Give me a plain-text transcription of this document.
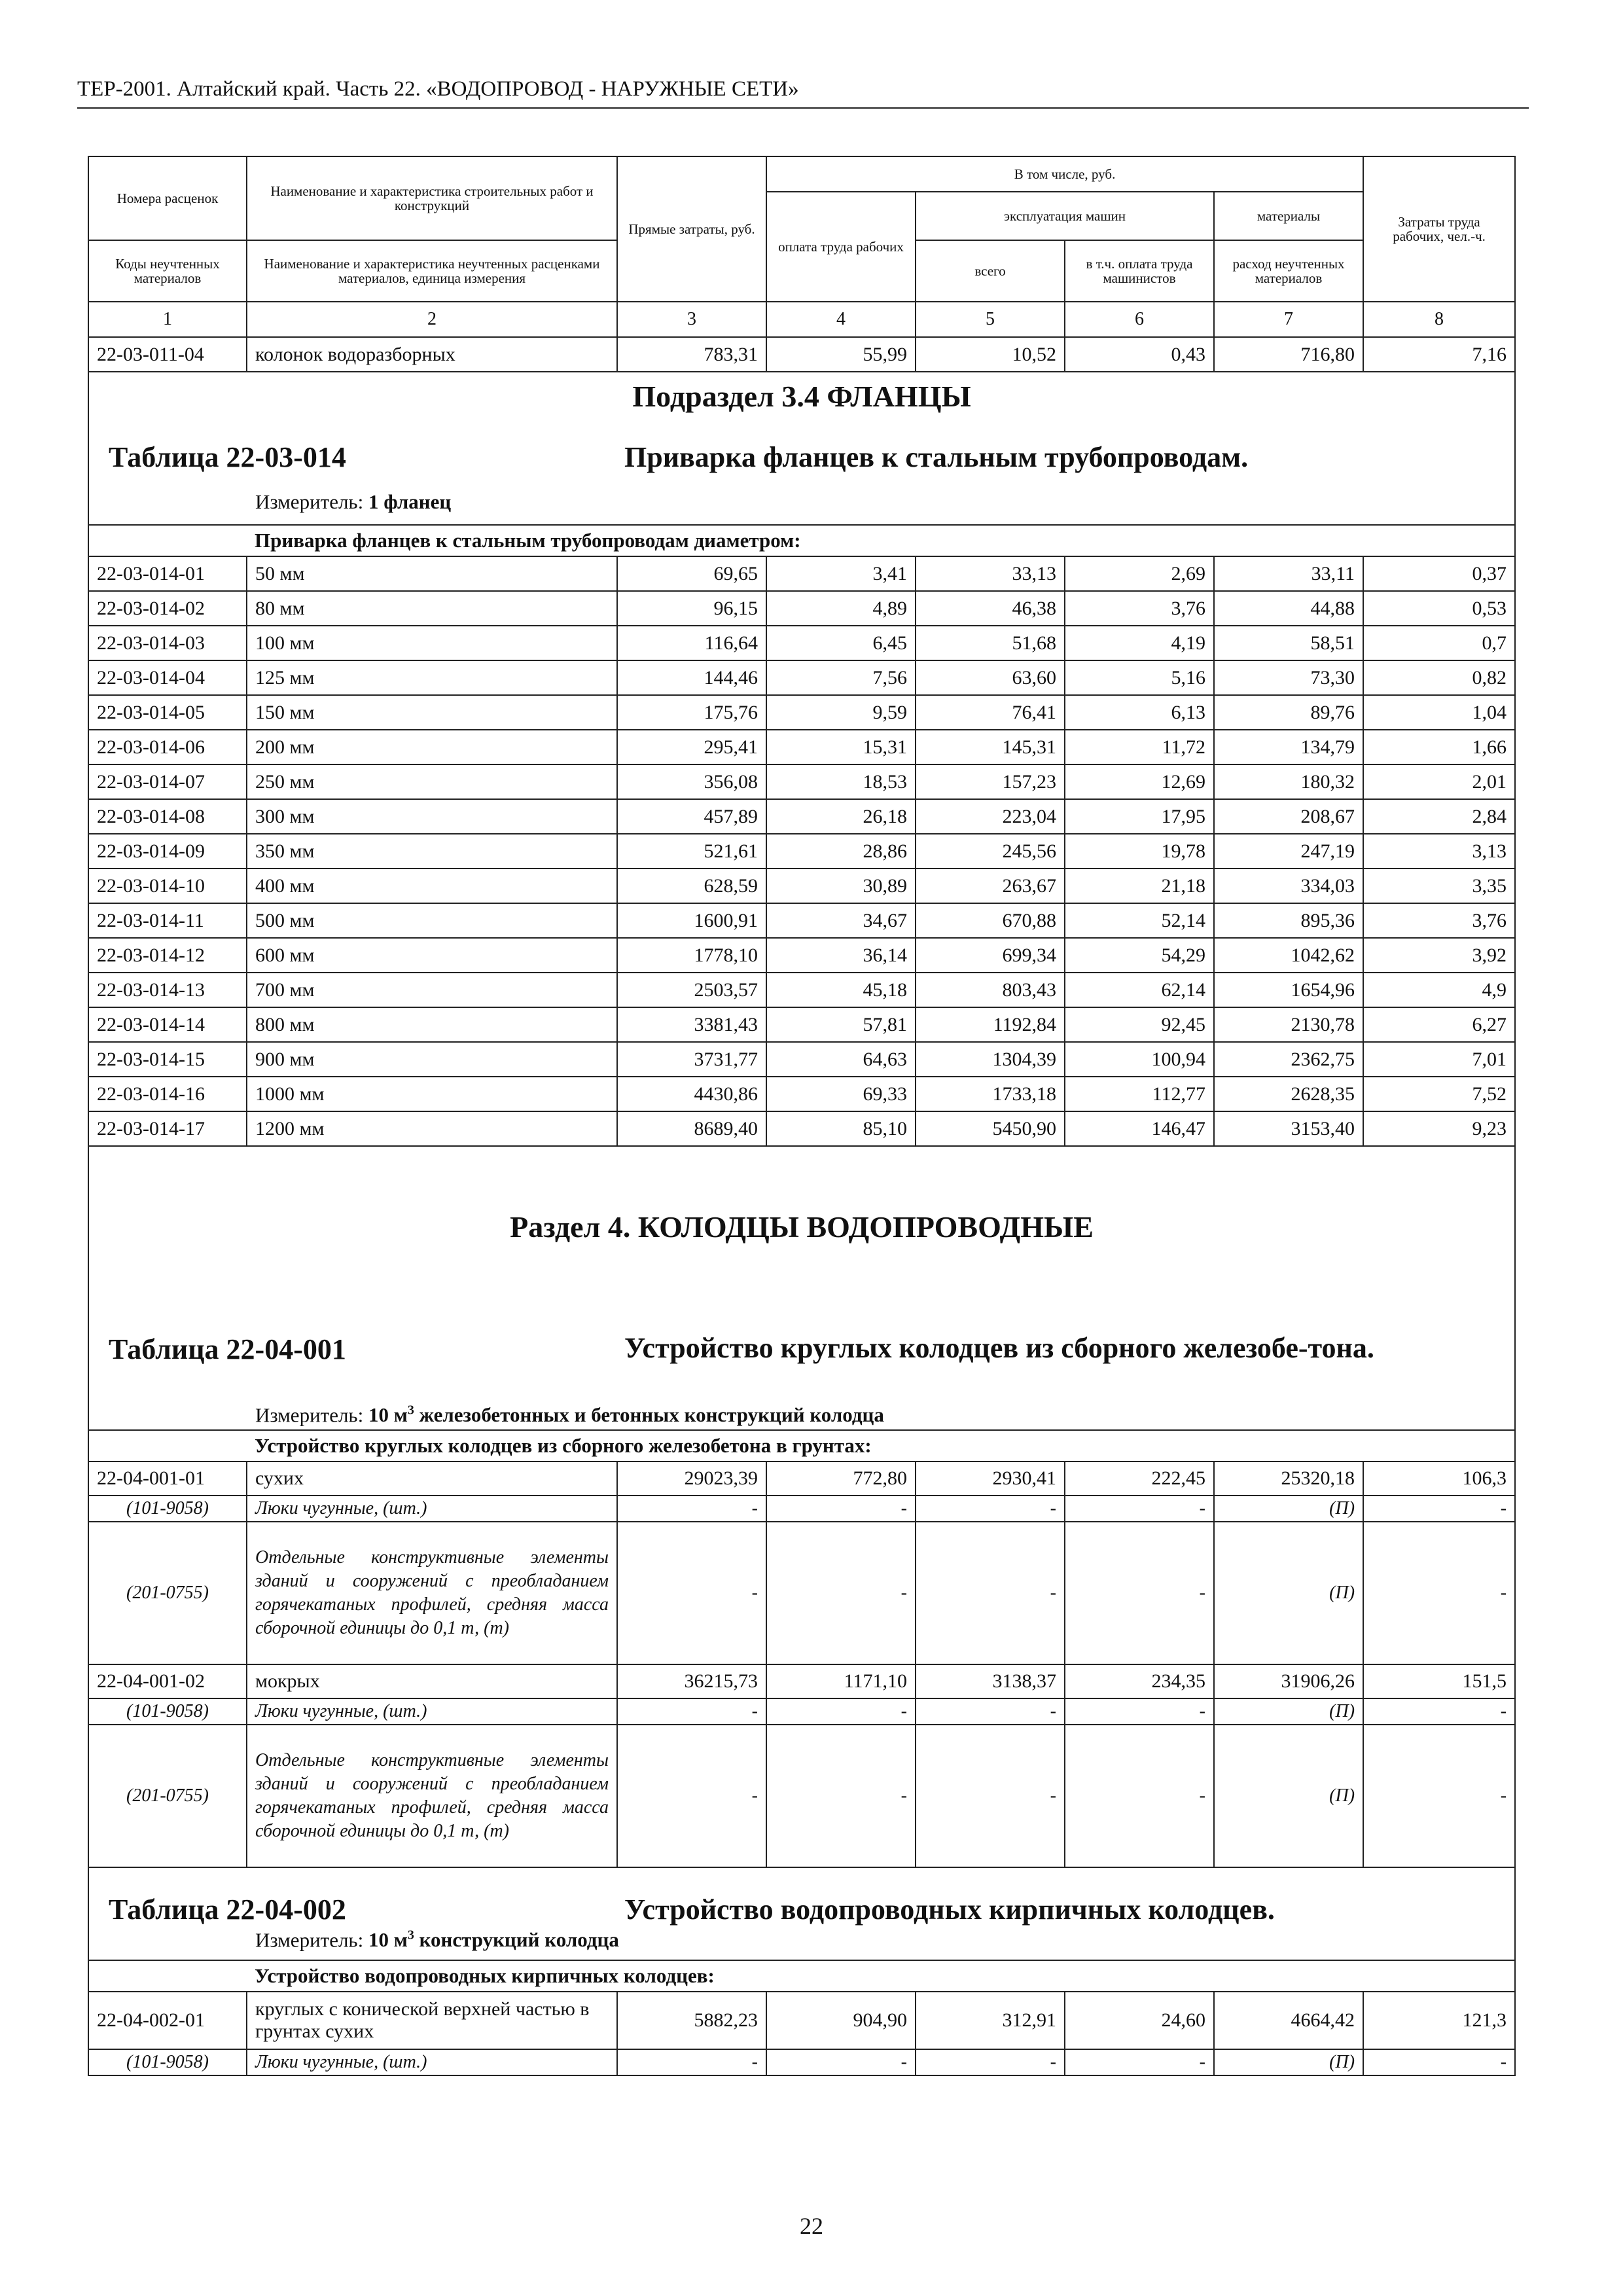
ТЕР-2001. Алтайский край. Часть 22. «ВОДОПРОВОД - НАРУЖНЫЕ СЕТИ»
Номера расценок	Наименование и характеристика строительных работ и конструкций	Прямые затраты, руб.	В том числе, руб.				Затраты труда рабочих, чел.-ч.
			оплата труда рабочих	эксплуатация машин		материалы	
Коды неучтенных материалов	Наименование и характеристика неучтенных расценками материалов, единица измерения			всего	в т.ч. оплата труда машинистов	расход неучтенных материалов	
1	2	3	4	5	6	7	8
22-03-011-04	колонок водоразборных	783,31	55,99	10,52	0,43	716,80	7,16

Подраздел 3.4 ФЛАНЦЫ
Таблица 22-03-014 Приварка фланцев к стальным трубопроводам.
Измеритель: 1 фланец							

	Приварка фланцев к стальным трубопроводам диаметром:						
22-03-014-01	50 мм	69,65	3,41	33,13	2,69	33,11	0,37
22-03-014-02	80 мм	96,15	4,89	46,38	3,76	44,88	0,53
22-03-014-03	100 мм	116,64	6,45	51,68	4,19	58,51	0,7
22-03-014-04	125 мм	144,46	7,56	63,60	5,16	73,30	0,82
22-03-014-05	150 мм	175,76	9,59	76,41	6,13	89,76	1,04
22-03-014-06	200 мм	295,41	15,31	145,31	11,72	134,79	1,66
22-03-014-07	250 мм	356,08	18,53	157,23	12,69	180,32	2,01
22-03-014-08	300 мм	457,89	26,18	223,04	17,95	208,67	2,84
22-03-014-09	350 мм	521,61	28,86	245,56	19,78	247,19	3,13
22-03-014-10	400 мм	628,59	30,89	263,67	21,18	334,03	3,35
22-03-014-11	500 мм	1600,91	34,67	670,88	52,14	895,36	3,76
22-03-014-12	600 мм	1778,10	36,14	699,34	54,29	1042,62	3,92
22-03-014-13	700 мм	2503,57	45,18	803,43	62,14	1654,96	4,9
22-03-014-14	800 мм	3381,43	57,81	1192,84	92,45	2130,78	6,27
22-03-014-15	900 мм	3731,77	64,63	1304,39	100,94	2362,75	7,01
22-03-014-16	1000 мм	4430,86	69,33	1733,18	112,77	2628,35	7,52
22-03-014-17	1200 мм	8689,40	85,10	5450,90	146,47	3153,40	9,23

Раздел 4. КОЛОДЦЫ ВОДОПРОВОДНЫЕ
Таблица 22-04-001 Устройство круглых колодцев из сборного железобе-тона.
Измеритель: 10 $м^3$ железобетонных и бетонных конструкций колодца							

	Устройство круглых колодцев из сборного железобетона в грунтах:						
22-04-001-01	сухих	29023,39	772,80	2930,41	222,45	25320,18	106,3
(101-9058)	Люки чугунные, (шт.)	-	-	-	-	(П)	-
(201-0755)	Отдельные конструктивные элементы зданий и сооружений с преобладанием горячекатаных профилей, средняя масса сборочной единицы до 0,1 т, (т)	-	-	-	-	(П)	-
22-04-001-02	мокрых	36215,73	1171,10	3138,37	234,35	31906,26	151,5
(101-9058)	Люки чугунные, (шт.)	-	-	-	-	(П)	-
(201-0755)	Отдельные конструктивные элементы зданий и сооружений с преобладанием горячекатаных профилей, средняя масса сборочной единицы до 0,1 т, (т)	-	-	-	-	(П)	-

Таблица 22-04-002 Устройство водопроводных кирпичных колодцев.
Измеритель: 10 $м^3$ конструкций колодца							

	Устройство водопроводных кирпичных колодцев:						
22-04-002-01	круглых с конической верхней частью в грунтах сухих	5882,23	904,90	312,91	24,60	4664,42	121,3
(101-9058)	Люки чугунные, (шт.)	-	-	-	-	(П)	-
22
